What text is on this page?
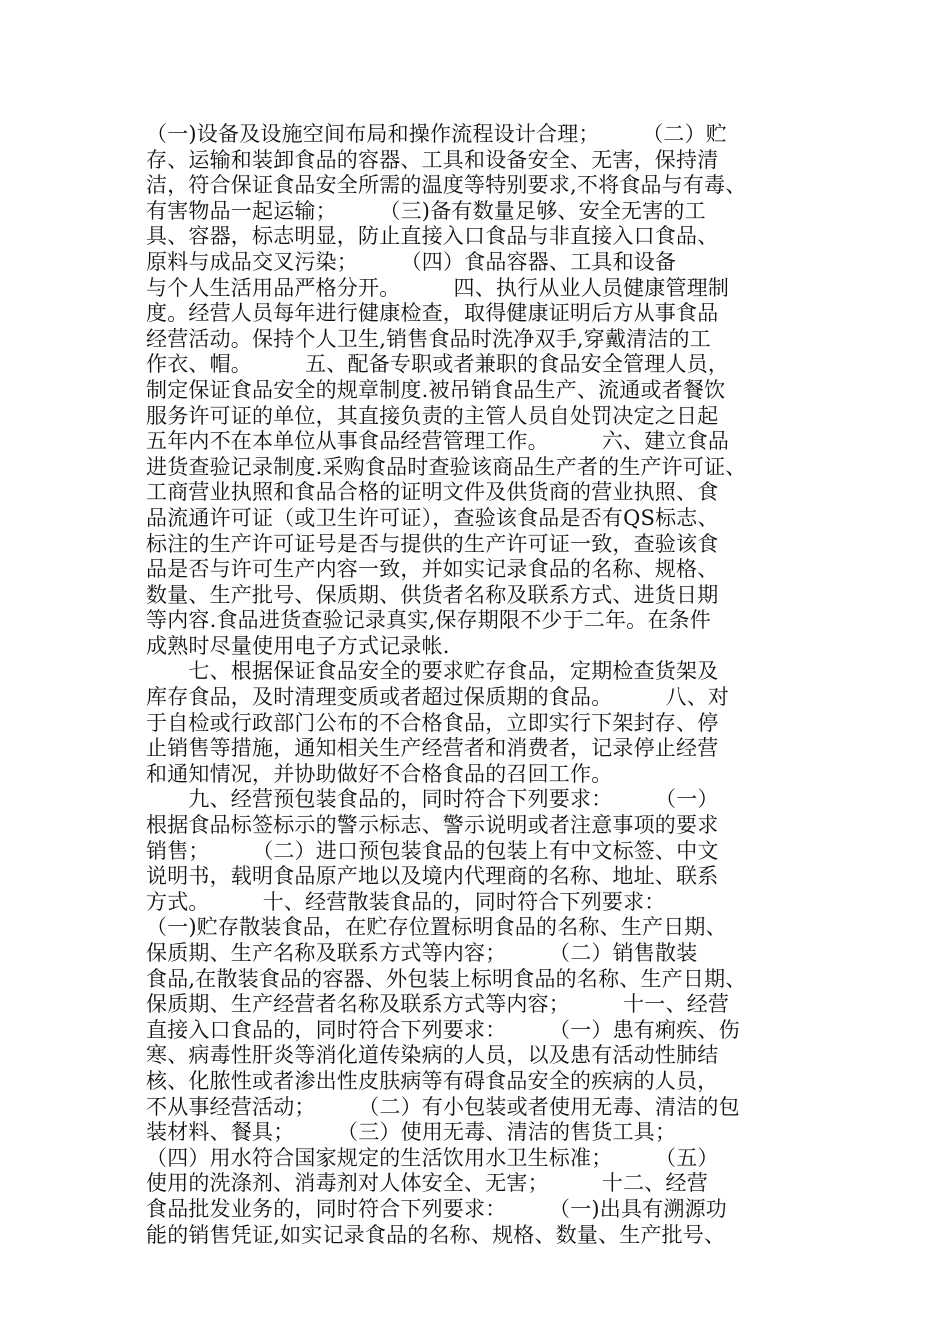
（一)设备及设施空间布局和操作流程设计合理；　　　（二）贮
存、运输和装卸食品的容器、工具和设备安全、无害，保持清
洁，符合保证食品安全所需的温度等特别要求,不将食品与有毒、
有害物品一起运输；　　　（三)备有数量足够、安全无害的工
具、容器，标志明显，防止直接入口食品与非直接入口食品、
原料与成品交叉污染；　　　（四）食品容器、工具和设备
与个人生活用品严格分开。　　　四、执行从业人员健康管理制
度。经营人员每年进行健康检查，取得健康证明后方从事食品
经营活动。保持个人卫生,销售食品时洗净双手,穿戴清洁的工
作衣、帽。　　　五、配备专职或者兼职的食品安全管理人员，
制定保证食品安全的规章制度.被吊销食品生产、流通或者餐饮
服务许可证的单位，其直接负责的主管人员自处罚决定之日起
五年内不在本单位从事食品经营管理工作。　　　六、建立食品
进货查验记录制度.采购食品时查验该商品生产者的生产许可证、
工商营业执照和食品合格的证明文件及供货商的营业执照、食
品流通许可证（或卫生许可证），查验该食品是否有QS标志、
标注的生产许可证号是否与提供的生产许可证一致，查验该食
品是否与许可生产内容一致，并如实记录食品的名称、规格、
数量、生产批号、保质期、供货者名称及联系方式、进货日期
等内容.食品进货查验记录真实,保存期限不少于二年。在条件
成熟时尽量使用电子方式记录帐.
　　七、根据保证食品安全的要求贮存食品，定期检查货架及
库存食品，及时清理变质或者超过保质期的食品。　　　八、对
于自检或行政部门公布的不合格食品，立即实行下架封存、停
止销售等措施，通知相关生产经营者和消费者，记录停止经营
和通知情况，并协助做好不合格食品的召回工作。
　　九、经营预包装食品的，同时符合下列要求：　　　（一）
根据食品标签标示的警示标志、警示说明或者注意事项的要求
销售；　　　（二）进口预包装食品的包装上有中文标签、中文
说明书，载明食品原产地以及境内代理商的名称、地址、联系
方式。　　　十、经营散装食品的，同时符合下列要求：
（一)贮存散装食品，在贮存位置标明食品的名称、生产日期、
保质期、生产名称及联系方式等内容；　　　（二）销售散装
食品,在散装食品的容器、外包装上标明食品的名称、生产日期、
保质期、生产经营者名称及联系方式等内容；　　　十一、经营
直接入口食品的，同时符合下列要求：　　　（一）患有痢疾、伤
寒、病毒性肝炎等消化道传染病的人员，以及患有活动性肺结
核、化脓性或者渗出性皮肤病等有碍食品安全的疾病的人员，
不从事经营活动；　　　（二）有小包装或者使用无毒、清洁的包
装材料、餐具；　　　（三）使用无毒、清洁的售货工具；
（四）用水符合国家规定的生活饮用水卫生标准；　　　（五）
使用的洗涤剂、消毒剂对人体安全、无害；　　　十二、经营
食品批发业务的，同时符合下列要求：　　　（一)出具有溯源功
能的销售凭证,如实记录食品的名称、规格、数量、生产批号、
